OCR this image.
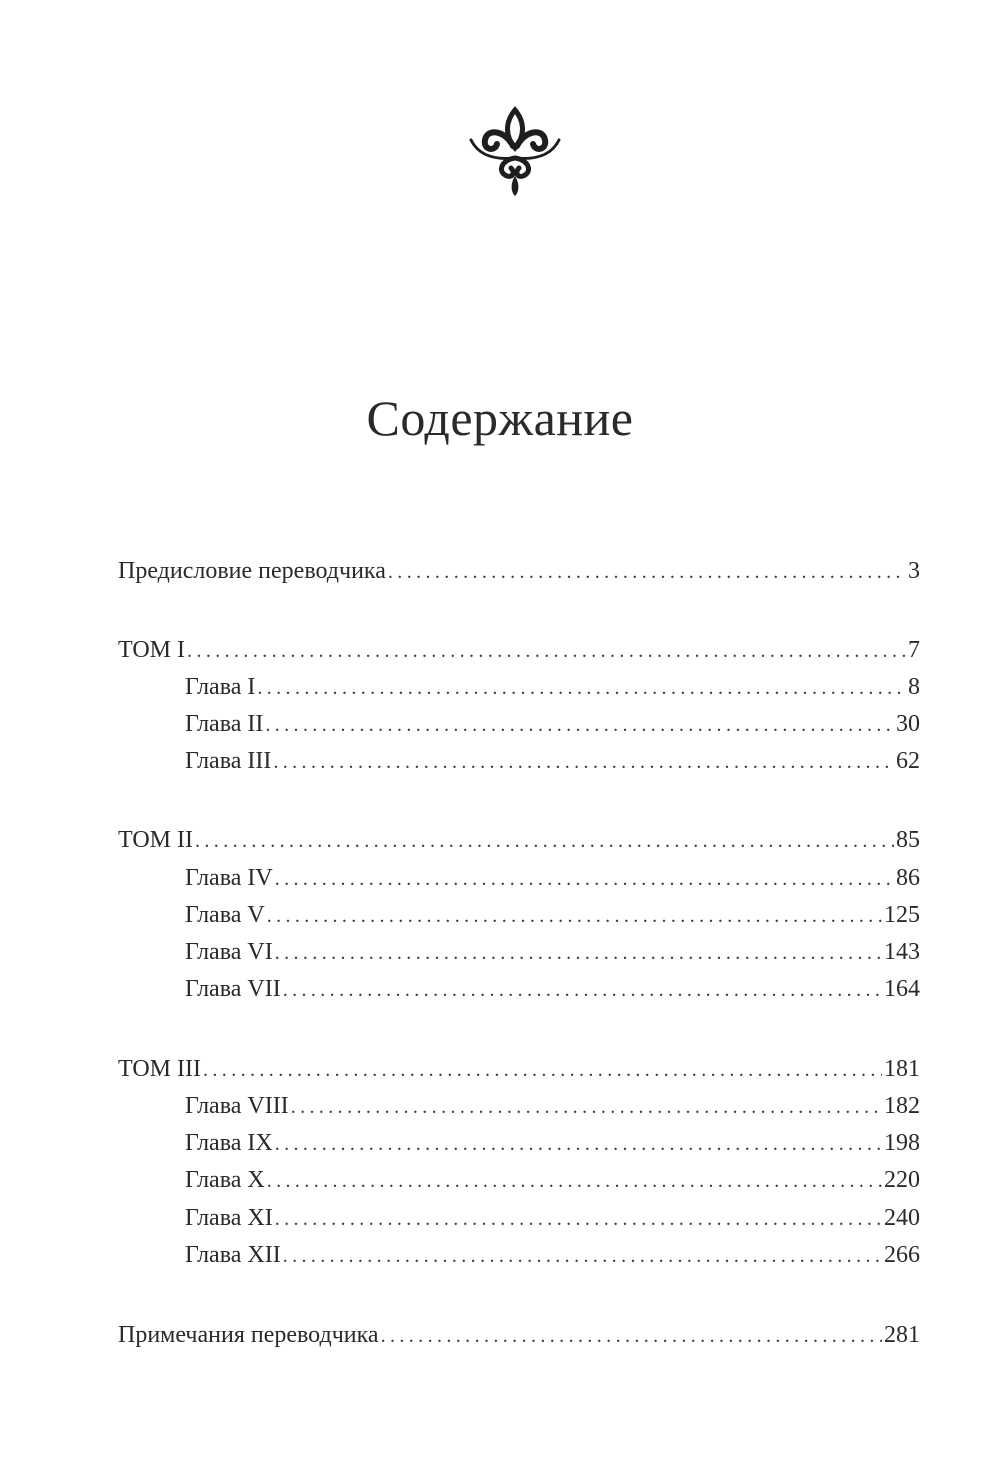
Содержание
Предисловие переводчика .....	3
ТОМ I .....	7
Глава I .....	8
Глава II .....	30
Глава III .....	62
ТОМ II .....	85
Глава IV .....	86
Глава V .....	125
Глава VI .....	143
Глава VII .....	164
ТОМ III .....	181
Глава VIII .....	182
Глава IX .....	198
Глава X .....	220
Глава XI .....	240
Глава XII .....	266
Примечания переводчика .....	281
